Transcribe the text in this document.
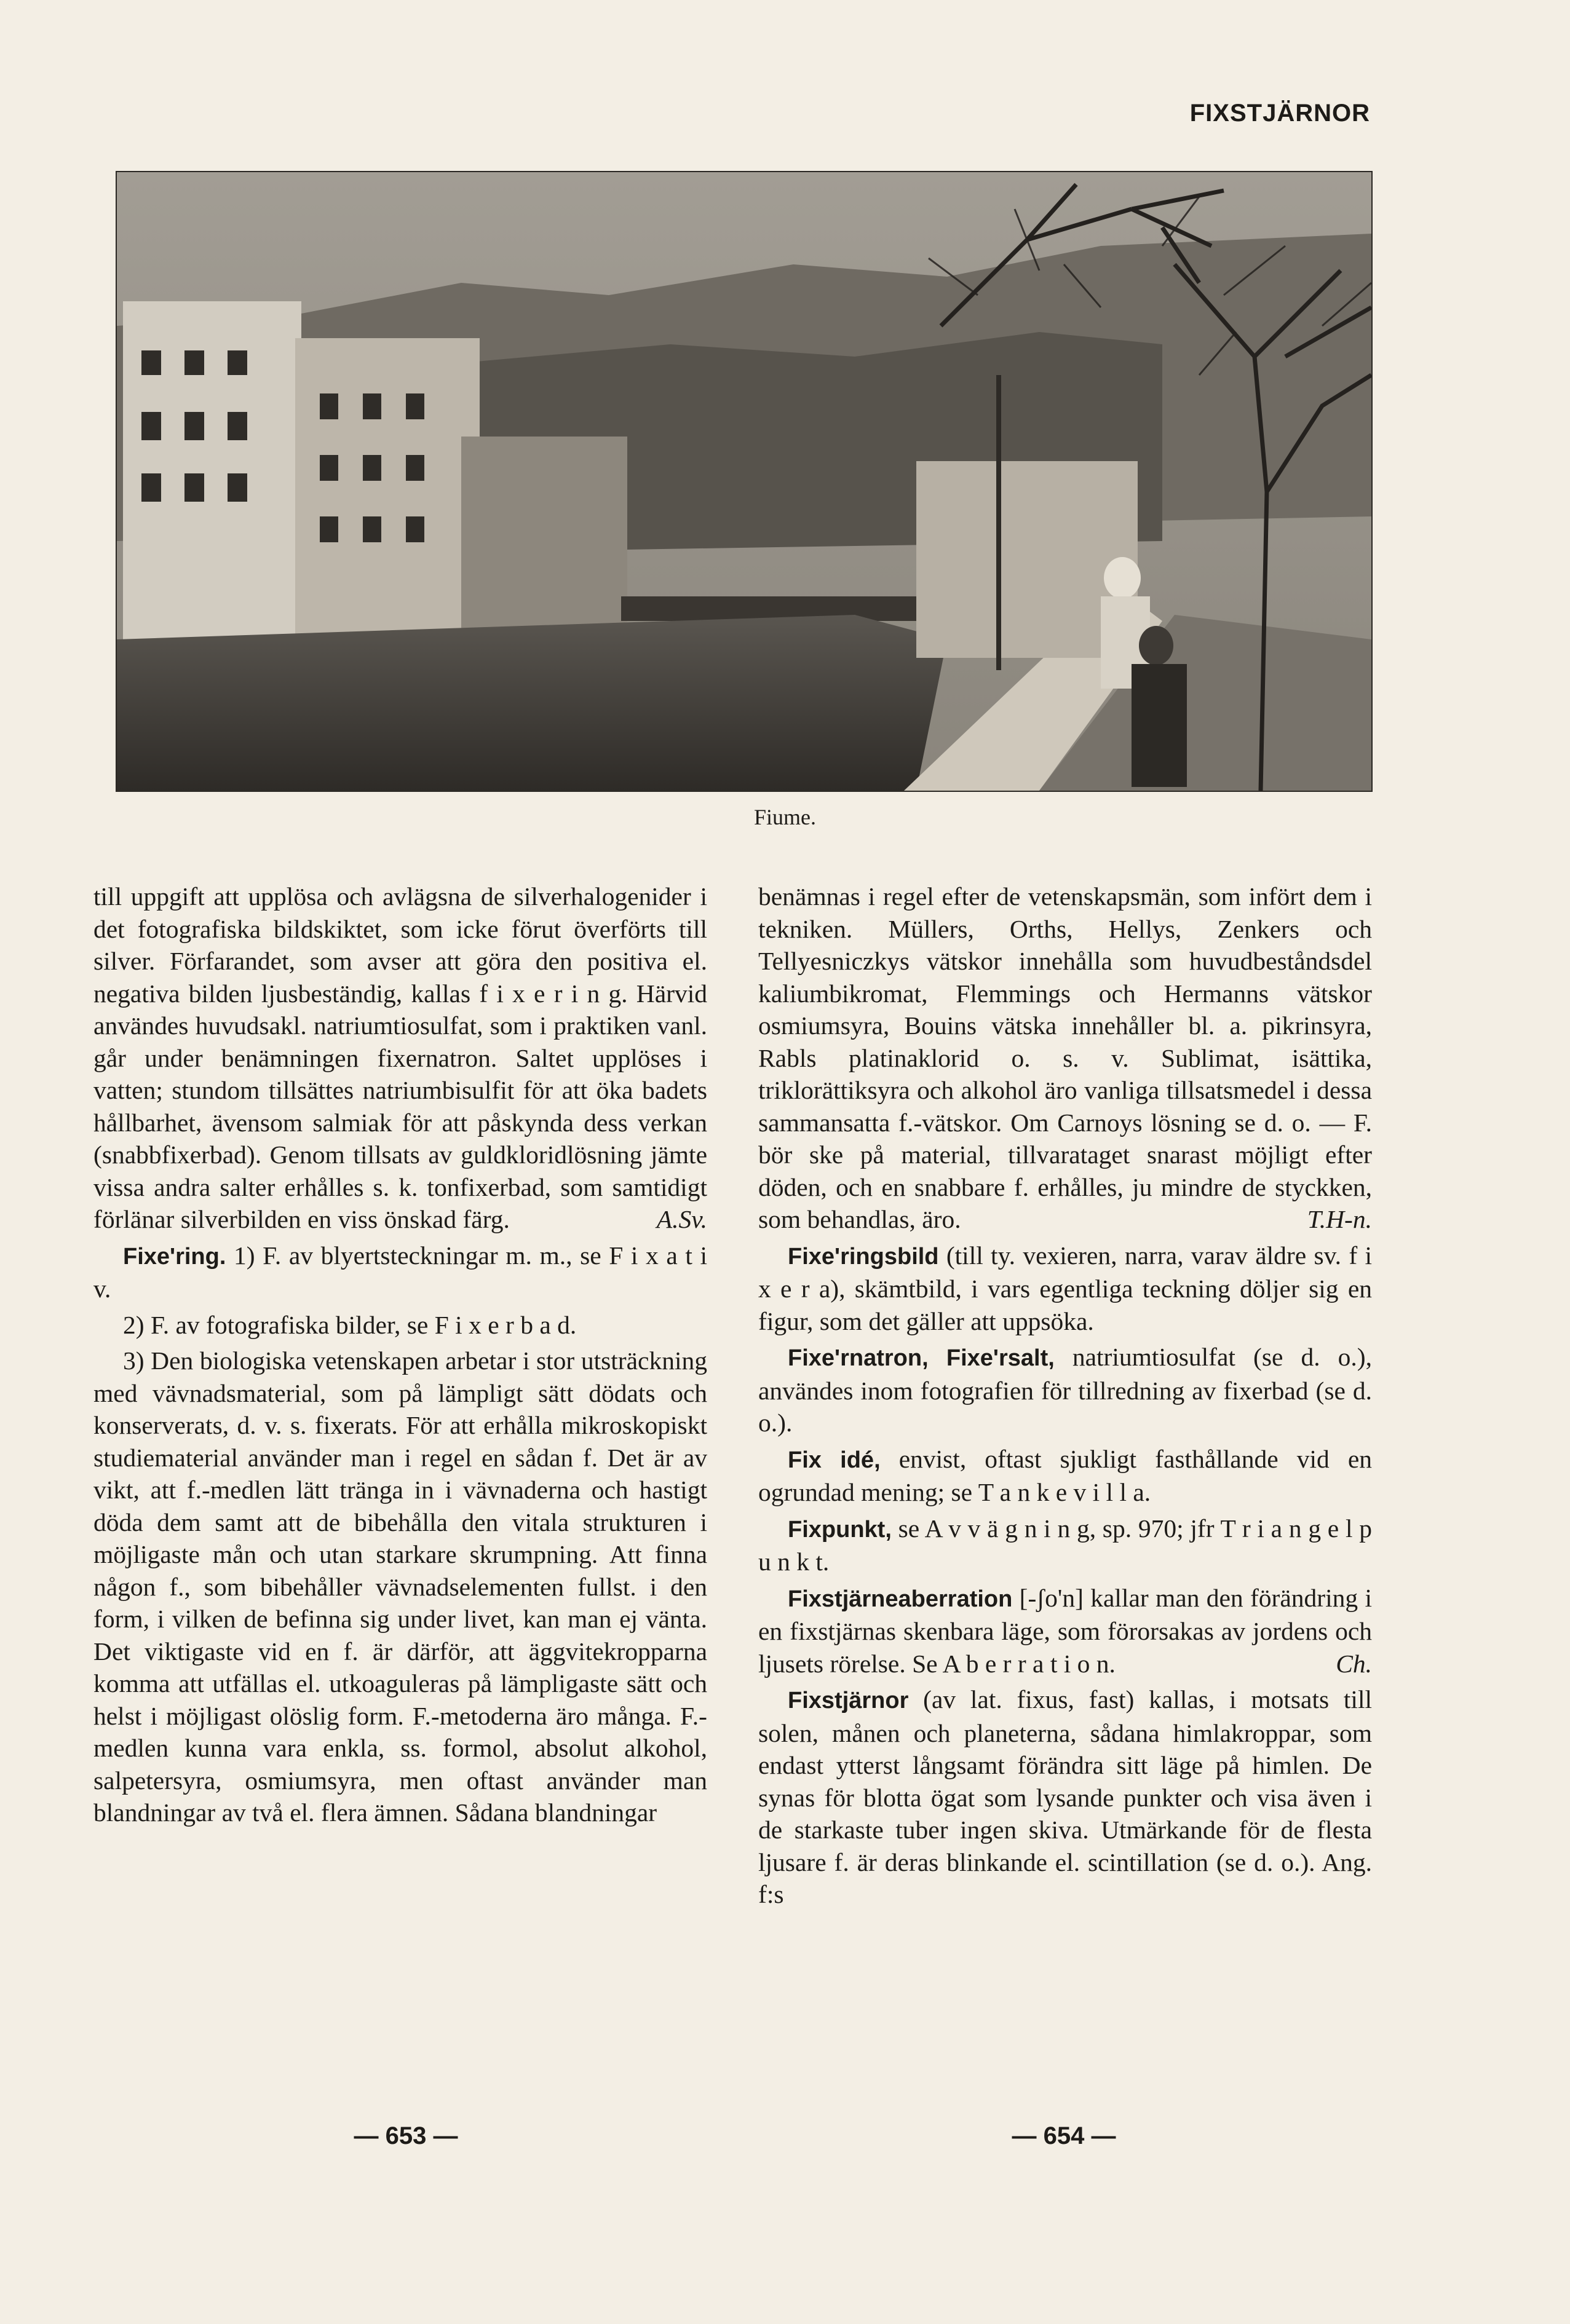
FIXSTJÄRNOR
Fiume.

till uppgift att upplösa och avlägsna de silverhalogenider i det fotografiska bildskiktet, som icke förut överförts till silver. Förfarandet, som avser att göra den positiva el. negativa bilden ljusbeständig, kallas f i x e r i n g. Härvid användes huvudsakl. natriumtiosulfat, som i praktiken vanl. går under benämningen fixernatron. Saltet upplöses i vatten; stundom tillsättes natriumbisulfit för att öka badets hållbarhet, ävensom salmiak för att påskynda dess verkan (snabbfixerbad). Genom tillsats av guldkloridlösning jämte vissa andra salter erhålles s. k. tonfixerbad, som samtidigt förlänar silverbilden en viss önskad färg.	A.Sv.

Fixe'ring. 1) F. av blyertsteckningar m. m., se F i x a t i v.

2) F. av fotografiska bilder, se F i x e r b a d.

3) Den biologiska vetenskapen arbetar i stor utsträckning med vävnadsmaterial, som på lämpligt sätt dödats och konserverats, d. v. s. fixerats. För att erhålla mikroskopiskt studiematerial använder man i regel en sådan f. Det är av vikt, att f.-medlen lätt tränga in i vävnaderna och hastigt döda dem samt att de bibehålla den vitala strukturen i möjligaste mån och utan starkare skrumpning. Att finna någon f., som bibehåller vävnadselementen fullst. i den form, i vilken de befinna sig under livet, kan man ej vänta. Det viktigaste vid en f. är därför, att äggvitekropparna komma att utfällas el. utkoaguleras på lämpligaste sätt och helst i möjligast olöslig form. F.-metoderna äro många. F.-medlen kunna vara enkla, ss. formol, absolut alkohol, salpetersyra, osmiumsyra, men oftast använder man blandningar av två el. flera ämnen. Sådana blandningar

benämnas i regel efter de vetenskapsmän, som infört dem i tekniken. Müllers, Orths, Hellys, Zenkers och Tellyesniczkys vätskor innehålla som huvudbeståndsdel kaliumbikromat, Flemmings och Hermanns vätskor osmiumsyra, Bouins vätska innehåller bl. a. pikrinsyra, Rabls platinaklorid o. s. v. Sublimat, isättika, triklorättiksyra och alkohol äro vanliga tillsatsmedel i dessa sammansatta f.-vätskor. Om Carnoys lösning se d. o. — F. bör ske på material, tillvarataget snarast möjligt efter döden, och en snabbare f. erhålles, ju mindre de styckken, som behandlas, äro.	T.H-n.

Fixe'ringsbild (till ty. vexieren, narra, varav äldre sv. f i x e r a), skämtbild, i vars egentliga teckning döljer sig en figur, som det gäller att uppsöka.

Fixe'rnatron, Fixe'rsalt, natriumtiosulfat (se d. o.), användes inom fotografien för tillredning av fixerbad (se d. o.).

Fix idé, envist, oftast sjukligt fasthållande vid en ogrundad mening; se T a n k e v i l l a.

Fixpunkt, se A v v ä g n i n g, sp. 970; jfr T r i a n g e l p u n k t.

Fixstjärneaberration [-ʃo'n] kallar man den förändring i en fixstjärnas skenbara läge, som förorsakas av jordens och ljusets rörelse. Se A b e r r a t i o n.	Ch.

Fixstjärnor (av lat. fixus, fast) kallas, i motsats till solen, månen och planeterna, sådana himlakroppar, som endast ytterst långsamt förändra sitt läge på himlen. De synas för blotta ögat som lysande punkter och visa även i de starkaste tuber ingen skiva. Utmärkande för de flesta ljusare f. är deras blinkande el. scintillation (se d. o.). Ang. f:s

— 653 —	— 654 —
